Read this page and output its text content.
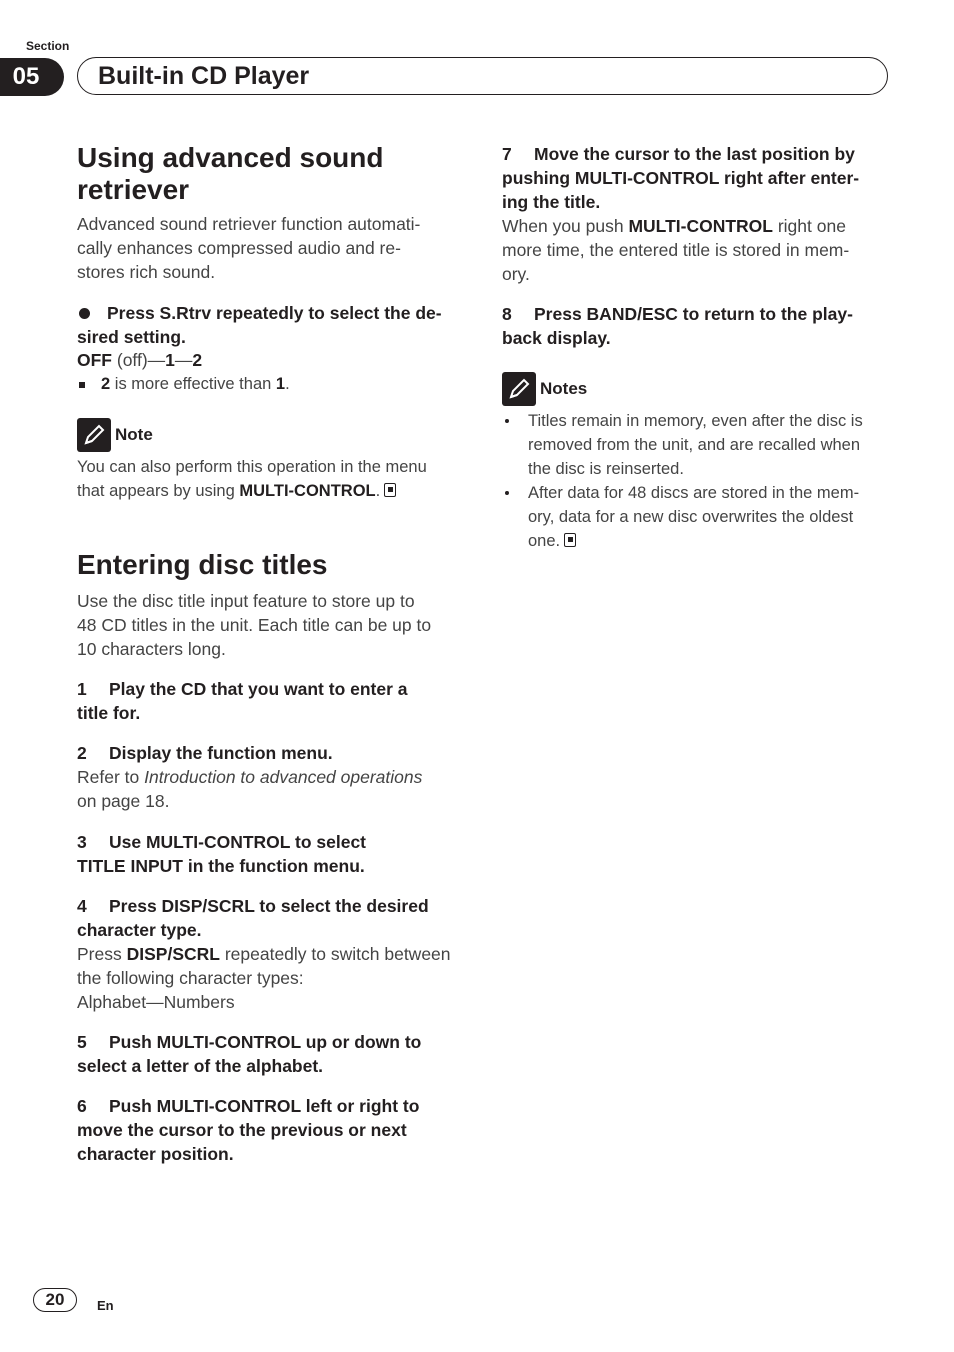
Section
05	Built-in CD Player
Using advanced sound
retriever
Advanced sound retriever function automati-
cally enhances compressed audio and re-
stores rich sound.
Press S.Rtrv repeatedly to select the de-
sired setting.
OFF (off)—1—2
2 is more effective than 1.
Note
You can also perform this operation in the menu
that appears by using MULTI-CONTROL.
Entering disc titles
Use the disc title input feature to store up to
48 CD titles in the unit. Each title can be up to
10 characters long.
1 Play the CD that you want to enter a
title for.
2 Display the function menu.
Refer to Introduction to advanced operations
on page 18.
3 Use MULTI-CONTROL to select
TITLE INPUT in the function menu.
4 Press DISP/SCRL to select the desired
character type.
Press DISP/SCRL repeatedly to switch between
the following character types:
Alphabet—Numbers
5 Push MULTI-CONTROL up or down to
select a letter of the alphabet.
6 Push MULTI-CONTROL left or right to
move the cursor to the previous or next
character position.
7 Move the cursor to the last position by
pushing MULTI-CONTROL right after enter-
ing the title.
When you push MULTI-CONTROL right one
more time, the entered title is stored in mem-
ory.
8 Press BAND/ESC to return to the play-
back display.
Notes
Titles remain in memory, even after the disc is
removed from the unit, and are recalled when
the disc is reinserted.
After data for 48 discs are stored in the mem-
ory, data for a new disc overwrites the oldest
one.
20	En
